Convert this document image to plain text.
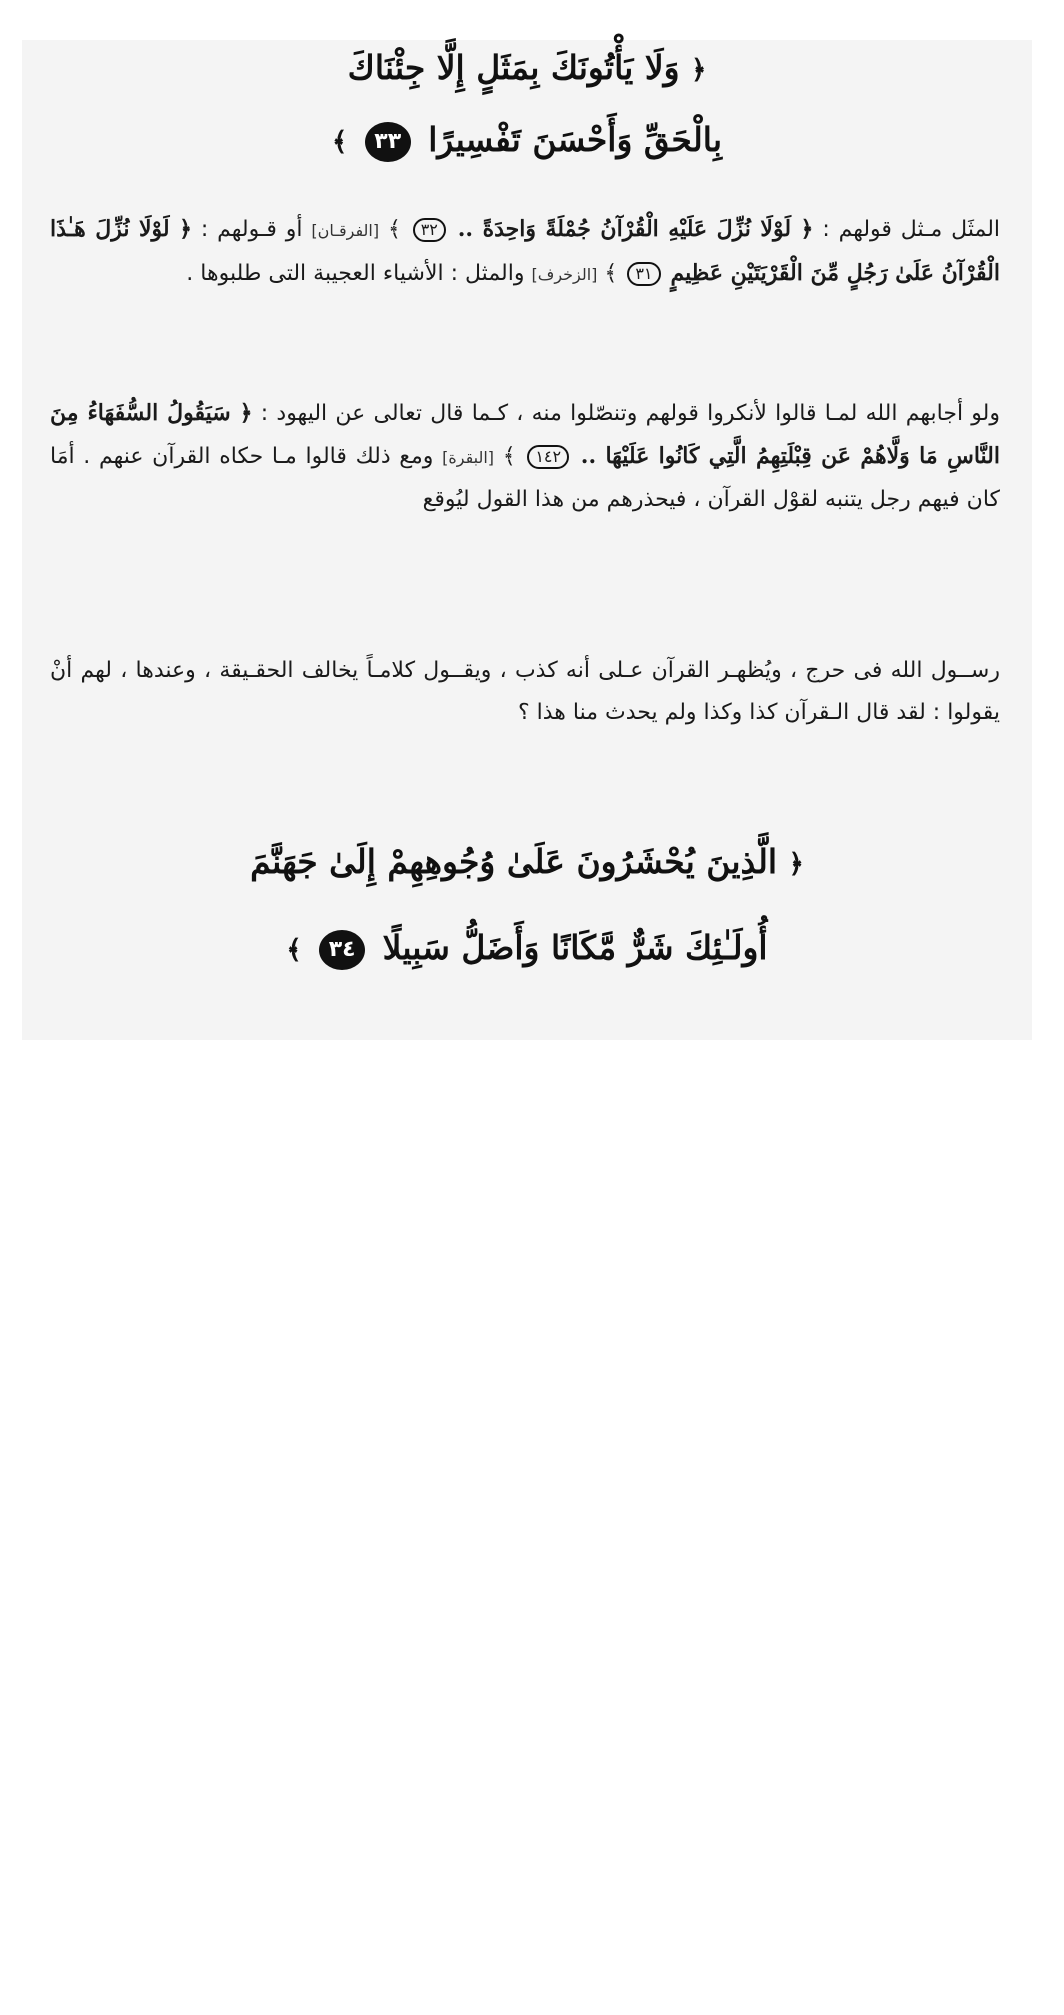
﴿ وَلَا يَأْتُونَكَ بِمَثَلٍ إِلَّا جِئْنَاكَ
بِالْحَقِّ وَأَحْسَنَ تَفْسِيرًا ٣٣ ﴾

المثَل مـثل قولهم : ﴿ لَوْلَا نُزِّلَ عَلَيْهِ الْقُرْآنُ جُمْلَةً وَاحِدَةً .. ٣٢ ﴾ [الفرقـان] أو قـولهم : ﴿ لَوْلَا نُزِّلَ هَـٰذَا الْقُرْآنُ عَلَىٰ رَجُلٍ مِّنَ الْقَرْيَتَيْنِ عَظِيمٍ ٣١ ﴾ [الزخرف] والمثل : الأشياء العجيبة التى طلبوها .

ولو أجابهم الله لمـا قالوا لأنكروا قولهم وتنصّلوا منه ، كـما قال تعالى عن اليهود : ﴿ سَيَقُولُ السُّفَهَاءُ مِنَ النَّاسِ مَا وَلَّاهُمْ عَن قِبْلَتِهِمُ الَّتِي كَانُوا عَلَيْهَا .. ١٤٢ ﴾ [البقرة] ومع ذلك قالوا مـا حكاه القرآن عنهم . أمَا كان فيهم رجل يتنبه لقوْل القرآن ، فيحذرهم من هذا القول ليُوقع

رســول الله فى حرج ، ويُظهـر القرآن عـلى أنه كذب ، ويقــول كلامـاً يخالف الحقـيقة ، وعندها ، لهم أنْ يقولوا : لقد قال الـقرآن كذا وكذا ولم يحدث منا هذا ؟

﴿ الَّذِينَ يُحْشَرُونَ عَلَىٰ وُجُوهِهِمْ إِلَىٰ جَهَنَّمَ
أُولَـٰئِكَ شَرٌّ مَّكَانًا وَأَضَلُّ سَبِيلًا ٣٤ ﴾
